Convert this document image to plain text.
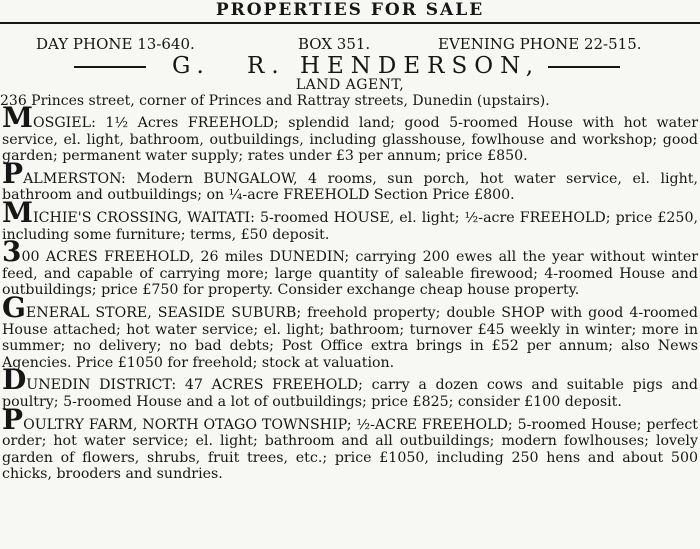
PROPERTIES FOR SALE
DAY PHONE 13-640.	BOX 351.	EVENING PHONE 22-515.
G. R. HENDERSON,
LAND AGENT,
236 Princes street, corner of Princes and Rattray streets, Dunedin (upstairs).

MOSGIEL: 1½ Acres FREEHOLD; splendid land; good 5-roomed House with hot water service, el. light, bathroom, outbuildings, including glasshouse, fowlhouse and workshop; good garden; permanent water supply; rates under £3 per annum; price £850.

PALMERSTON: Modern BUNGALOW, 4 rooms, sun porch, hot water service, el. light, bathroom and outbuildings; on ¼-acre FREEHOLD Section Price £800.

MICHIE'S CROSSING, WAITATI: 5-roomed HOUSE, el. light; ½-acre FREEHOLD; price £250, including some furniture; terms, £50 deposit.

300 ACRES FREEHOLD, 26 miles DUNEDIN; carrying 200 ewes all the year without winter feed, and capable of carrying more; large quantity of saleable firewood; 4-roomed House and outbuildings; price £750 for property. Consider exchange cheap house property.

GENERAL STORE, SEASIDE SUBURB; freehold property; double SHOP with good 4-roomed House attached; hot water service; el. light; bathroom; turnover £45 weekly in winter; more in summer; no delivery; no bad debts; Post Office extra brings in £52 per annum; also News Agencies. Price £1050 for freehold; stock at valuation.

DUNEDIN DISTRICT: 47 ACRES FREEHOLD; carry a dozen cows and suitable pigs and poultry; 5-roomed House and a lot of outbuildings; price £825; consider £100 deposit.

POULTRY FARM, NORTH OTAGO TOWNSHIP; ½-ACRE FREEHOLD; 5-roomed House; perfect order; hot water service; el. light; bathroom and all outbuildings; modern fowlhouses; lovely garden of flowers, shrubs, fruit trees, etc.; price £1050, including 250 hens and about 500 chicks, brooders and sundries.
